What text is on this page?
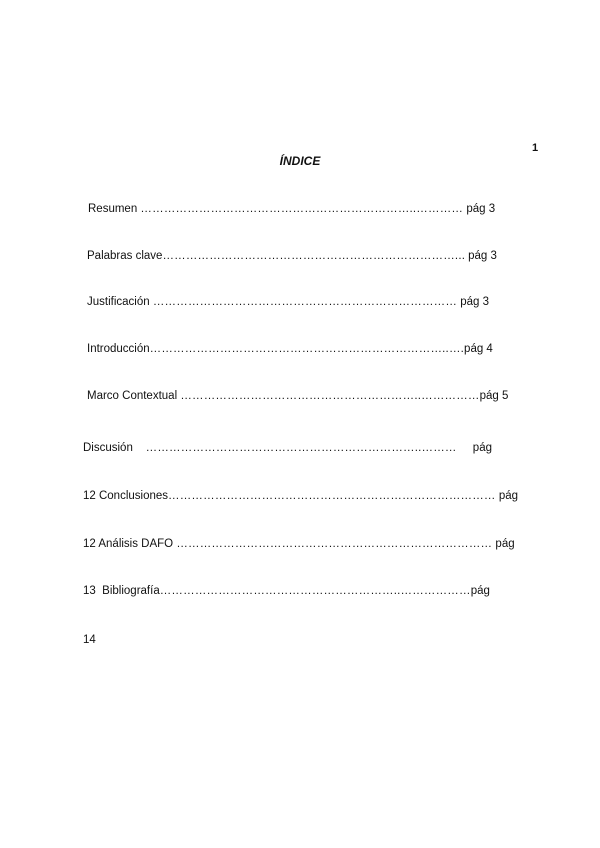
1
ÍNDICE
Resumen ……………………………………………………………..………… pág 3
Palabras clave…………………………………………………………………... pág 3
Justificación …………………………………………………………………… pág 3
Introducción…………………………………………………………………..….pág 4
Marco Contextual ……………………………………………………..……………pág 5
Discusión    ……………………………………………………………..………     pág
12 Conclusiones………………………………………………………………………… pág
12 Análisis DAFO ……………………………………………………………………… pág
13  Bibliografía……………………………………………………..………………pág
14
